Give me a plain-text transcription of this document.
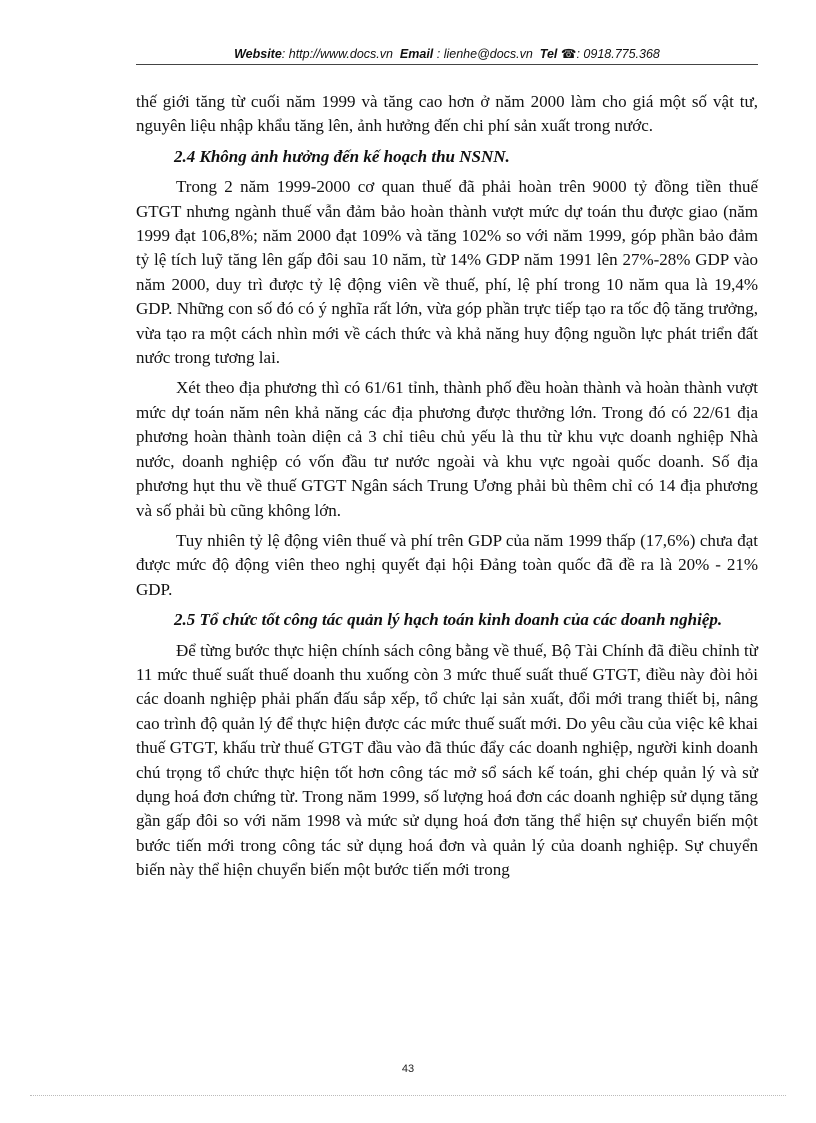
Website: http://www.docs.vn Email : lienhe@docs.vn Tel ☎: 0918.775.368

thế giới tăng từ cuối năm 1999 và tăng cao hơn ở năm 2000 làm cho giá một số vật tư, nguyên liệu nhập khẩu tăng lên, ảnh hưởng đến chi phí sản xuất trong nước.

2.4 Không ảnh hưởng đến kế hoạch thu NSNN.

Trong 2 năm 1999-2000 cơ quan thuế đã phải hoàn trên 9000 tỷ đồng tiền thuế GTGT nhưng ngành thuế vẫn đảm bảo hoàn thành vượt mức dự toán thu được giao (năm 1999 đạt 106,8%; năm 2000 đạt 109% và tăng 102% so với năm 1999, góp phần bảo đảm tỷ lệ tích luỹ tăng lên gấp đôi sau 10 năm, từ 14% GDP năm 1991 lên 27%-28% GDP vào năm 2000, duy trì được tỷ lệ động viên về thuế, phí, lệ phí trong 10 năm qua là 19,4% GDP. Những con số đó có ý nghĩa rất lớn, vừa góp phần trực tiếp tạo ra tốc độ tăng trưởng, vừa tạo ra một cách nhìn mới về cách thức và khả năng huy động nguồn lực phát triển đất nước trong tương lai.

Xét theo địa phương thì có 61/61 tỉnh, thành phố đều hoàn thành và hoàn thành vượt mức dự toán năm nên khả năng các địa phương được thưởng lớn. Trong đó có 22/61 địa phương hoàn thành toàn diện cả 3 chỉ tiêu chủ yếu là thu từ khu vực doanh nghiệp Nhà nước, doanh nghiệp có vốn đầu tư nước ngoài và khu vực ngoài quốc doanh. Số địa phương hụt thu về thuế GTGT Ngân sách Trung Ương phải bù thêm chỉ có 14 địa phương và số phải bù cũng không lớn.

Tuy nhiên tỷ lệ động viên thuế và phí trên GDP của năm 1999 thấp (17,6%) chưa đạt được mức độ động viên theo nghị quyết đại hội Đảng toàn quốc đã đề ra là 20% - 21% GDP.

2.5 Tổ chức tốt công tác quản lý hạch toán kinh doanh của các doanh nghiệp.

Để từng bước thực hiện chính sách công bằng về thuế, Bộ Tài Chính đã điều chỉnh từ 11 mức thuế suất thuế doanh thu xuống còn 3 mức thuế suất thuế GTGT, điều này đòi hỏi các doanh nghiệp phải phấn đấu sắp xếp, tổ chức lại sản xuất, đổi mới trang thiết bị, nâng cao trình độ quản lý để thực hiện được các mức thuế suất mới. Do yêu cầu của việc kê khai thuế GTGT, khấu trừ thuế GTGT đầu vào đã thúc đẩy các doanh nghiệp, người kinh doanh chú trọng tổ chức thực hiện tốt hơn công tác mở sổ sách kế toán, ghi chép quản lý và sử dụng hoá đơn chứng từ. Trong năm 1999, số lượng hoá đơn các doanh nghiệp sử dụng tăng gần gấp đôi so với năm 1998 và mức sử dụng hoá đơn tăng thể hiện sự chuyển biến một bước tiến mới trong công tác sử dụng hoá đơn và quản lý của doanh nghiệp. Sự chuyển biến này thể hiện chuyển biến một bước tiến mới trong

43
